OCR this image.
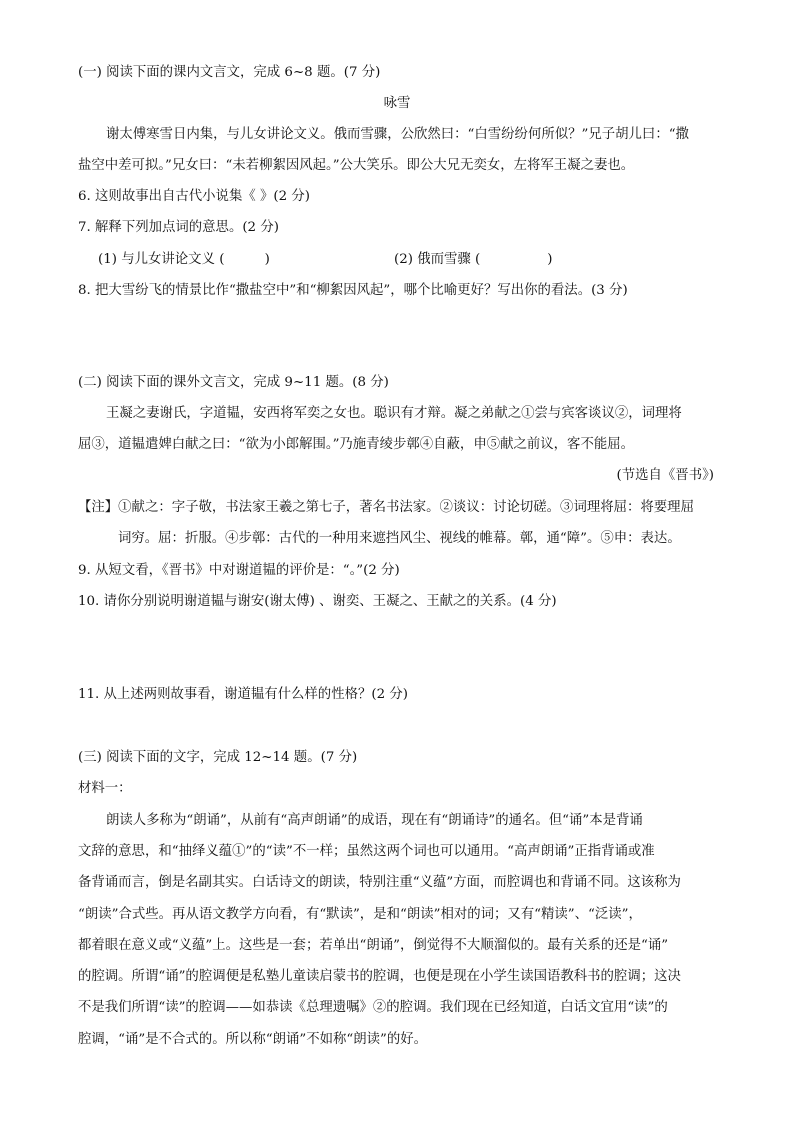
(一) 阅读下面的课内文言文，完成 6~8 题。(7 分)
咏雪
谢太傅寒雪日内集，与儿女讲论文义。俄而雪骤，公欣然曰：“白雪纷纷何所似？”兄子胡儿曰：“撒
盐空中差可拟。”兄女曰：“未若柳絮因风起。”公大笑乐。即公大兄无奕女，左将军王凝之妻也。
6. 这则故事出自古代小说集《 》(2 分)
7. 解释下列加点词的意思。(2 分)
(1) 与儿女讲论文义 (　　　)	(2) 俄而雪骤 (　　　　　)
8. 把大雪纷飞的情景比作“撒盐空中”和“柳絮因风起”，哪个比喻更好？写出你的看法。(3 分)
(二) 阅读下面的课外文言文，完成 9~11 题。(8 分)
王凝之妻谢氏，字道韫，安西将军奕之女也。聪识有才辩。凝之弟献之①尝与宾客谈议②，词理将
屈③，道韫遣婢白献之曰：“欲为小郎解围。”乃施青绫步鄣④自蔽，申⑤献之前议，客不能屈。
(节选自《晋书》)
【注】①献之：字子敬，书法家王羲之第七子，著名书法家。②谈议：讨论切磋。③词理将屈：将要理屈
词穷。屈：折服。④步鄣：古代的一种用来遮挡风尘、视线的帷幕。鄣，通“障”。⑤申：表达。
9. 从短文看，《晋书》中对谢道韫的评价是：“。”(2 分)
10. 请你分别说明谢道韫与谢安(谢太傅) 、谢奕、王凝之、王献之的关系。(4 分)
11. 从上述两则故事看，谢道韫有什么样的性格？(2 分)
(三) 阅读下面的文字，完成 12~14 题。(7 分)
材料一：
朗读人多称为“朗诵”，从前有“高声朗诵”的成语，现在有“朗诵诗”的通名。但“诵”本是背诵
文辞的意思，和“抽绎义蕴①”的“读”不一样；虽然这两个词也可以通用。“高声朗诵”正指背诵或准
备背诵而言，倒是名副其实。白话诗文的朗读，特别注重“义蕴”方面，而腔调也和背诵不同。这该称为
“朗读”合式些。再从语文教学方向看，有“默读”，是和“朗读”相对的词；又有“精读”、“泛读”，
都着眼在意义或“义蕴”上。这些是一套；若单出“朗诵”，倒觉得不大顺溜似的。最有关系的还是“诵”
的腔调。所谓“诵”的腔调便是私塾儿童读启蒙书的腔调，也便是现在小学生读国语教科书的腔调；这决
不是我们所谓“读”的腔调——如恭读《总理遗嘱》②的腔调。我们现在已经知道，白话文宜用“读”的
腔调，“诵”是不合式的。所以称“朗诵”不如称“朗读”的好。
